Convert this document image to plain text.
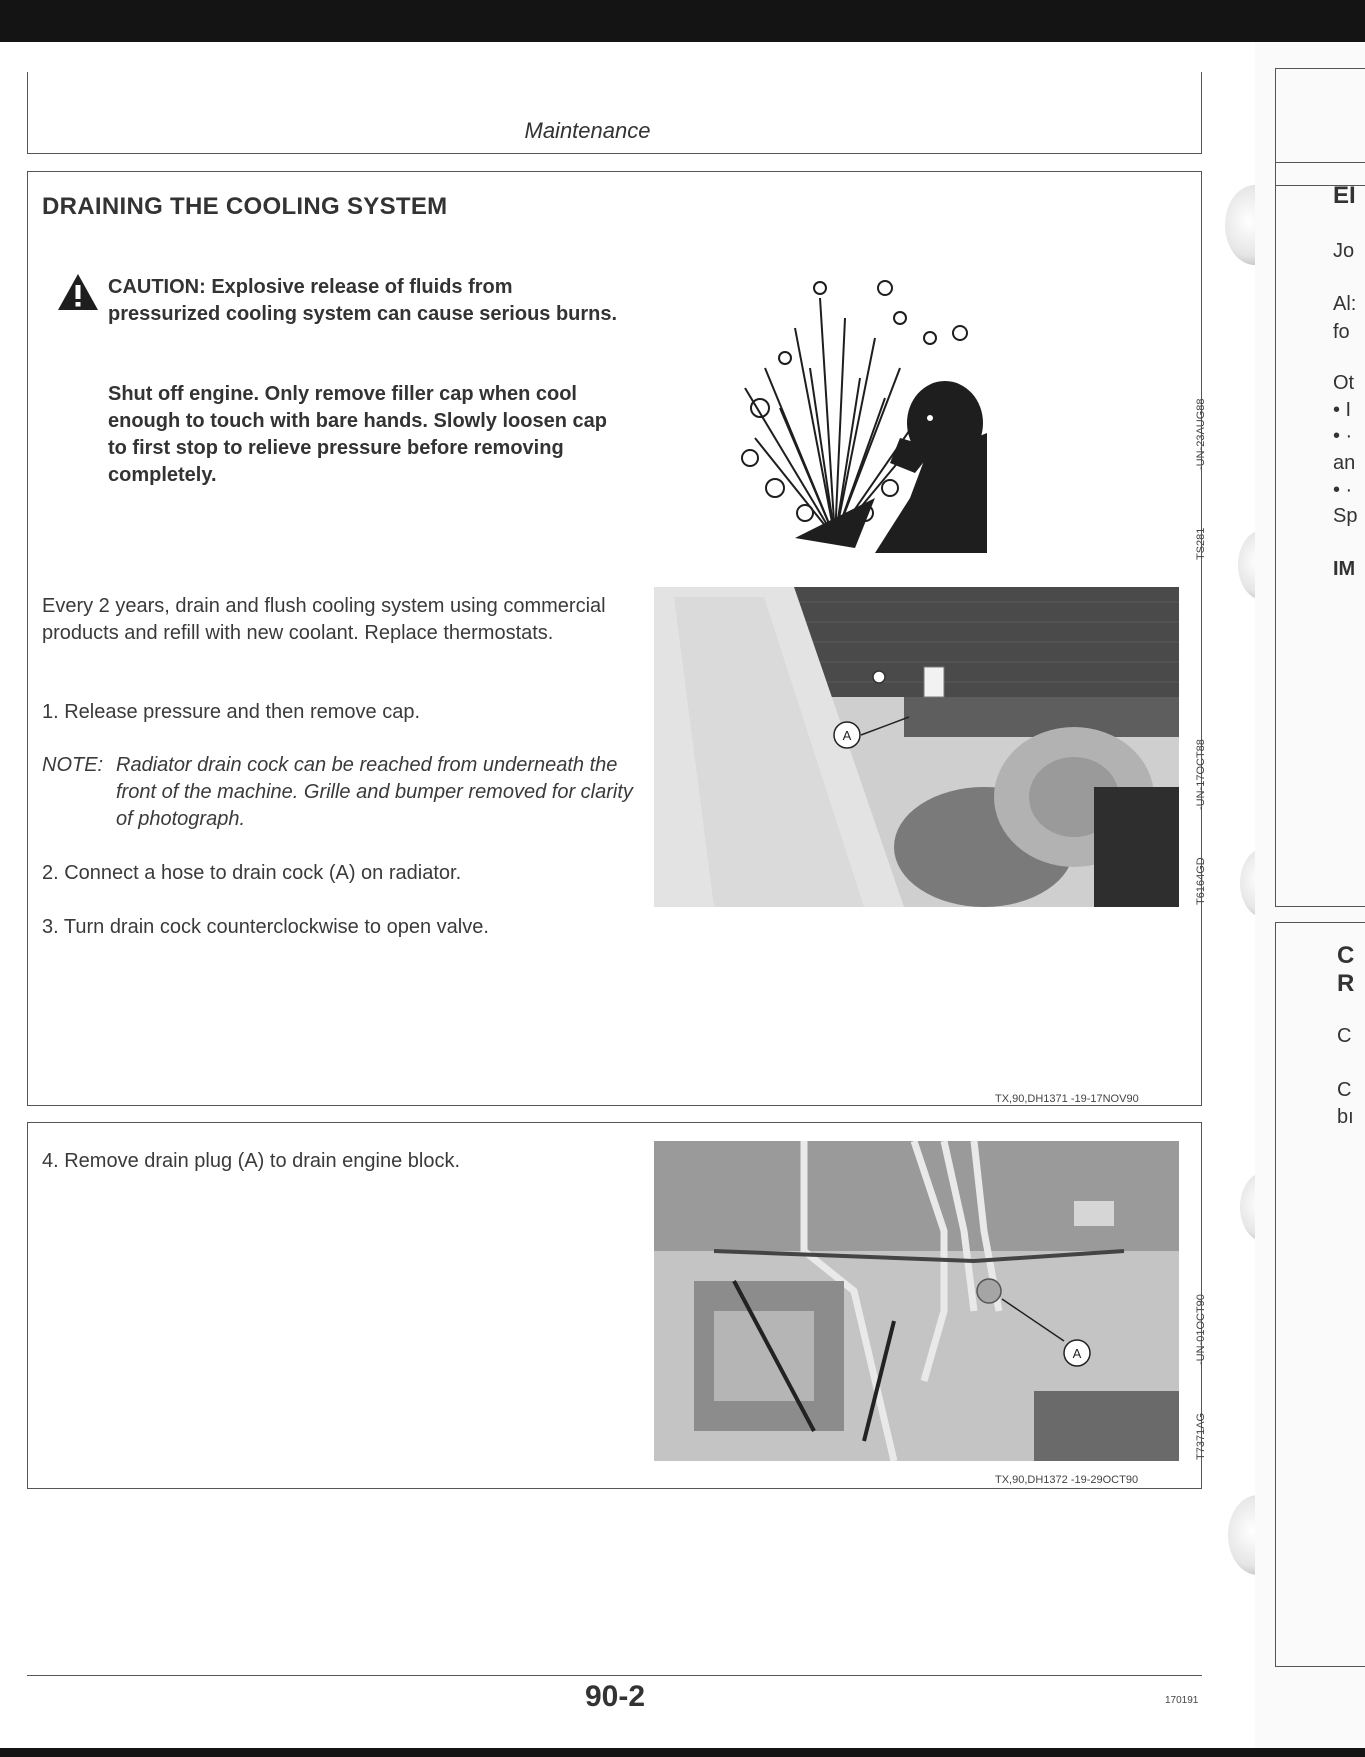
Maintenance
DRAINING THE COOLING SYSTEM
CAUTION: Explosive release of fluids from pressurized cooling system can cause serious burns.
Shut off engine. Only remove filler cap when cool enough to touch with bare hands. Slowly loosen cap to first stop to relieve pressure before removing completely.
Every 2 years, drain and flush cooling system using commercial products and refill with new coolant. Replace thermostats.
1. Release pressure and then remove cap.
NOTE: Radiator drain cock can be reached from underneath the front of the machine. Grille and bumper removed for clarity of photograph.
2. Connect a hose to drain cock (A) on radiator.
3. Turn drain cock counterclockwise to open valve.
TS281
-UN-23AUG88
A
T6164GD
-UN-17OCT88
TX,90,DH1371 -19-17NOV90
4. Remove drain plug (A) to drain engine block.
A
T7371AG
-UN-01OCT90
TX,90,DH1372 -19-29OCT90
90-2	170191
EI
Jo
Al:
fo
Ot
• I
• ·
an
• ·
Sp
IM
C
R
C
C
bı
